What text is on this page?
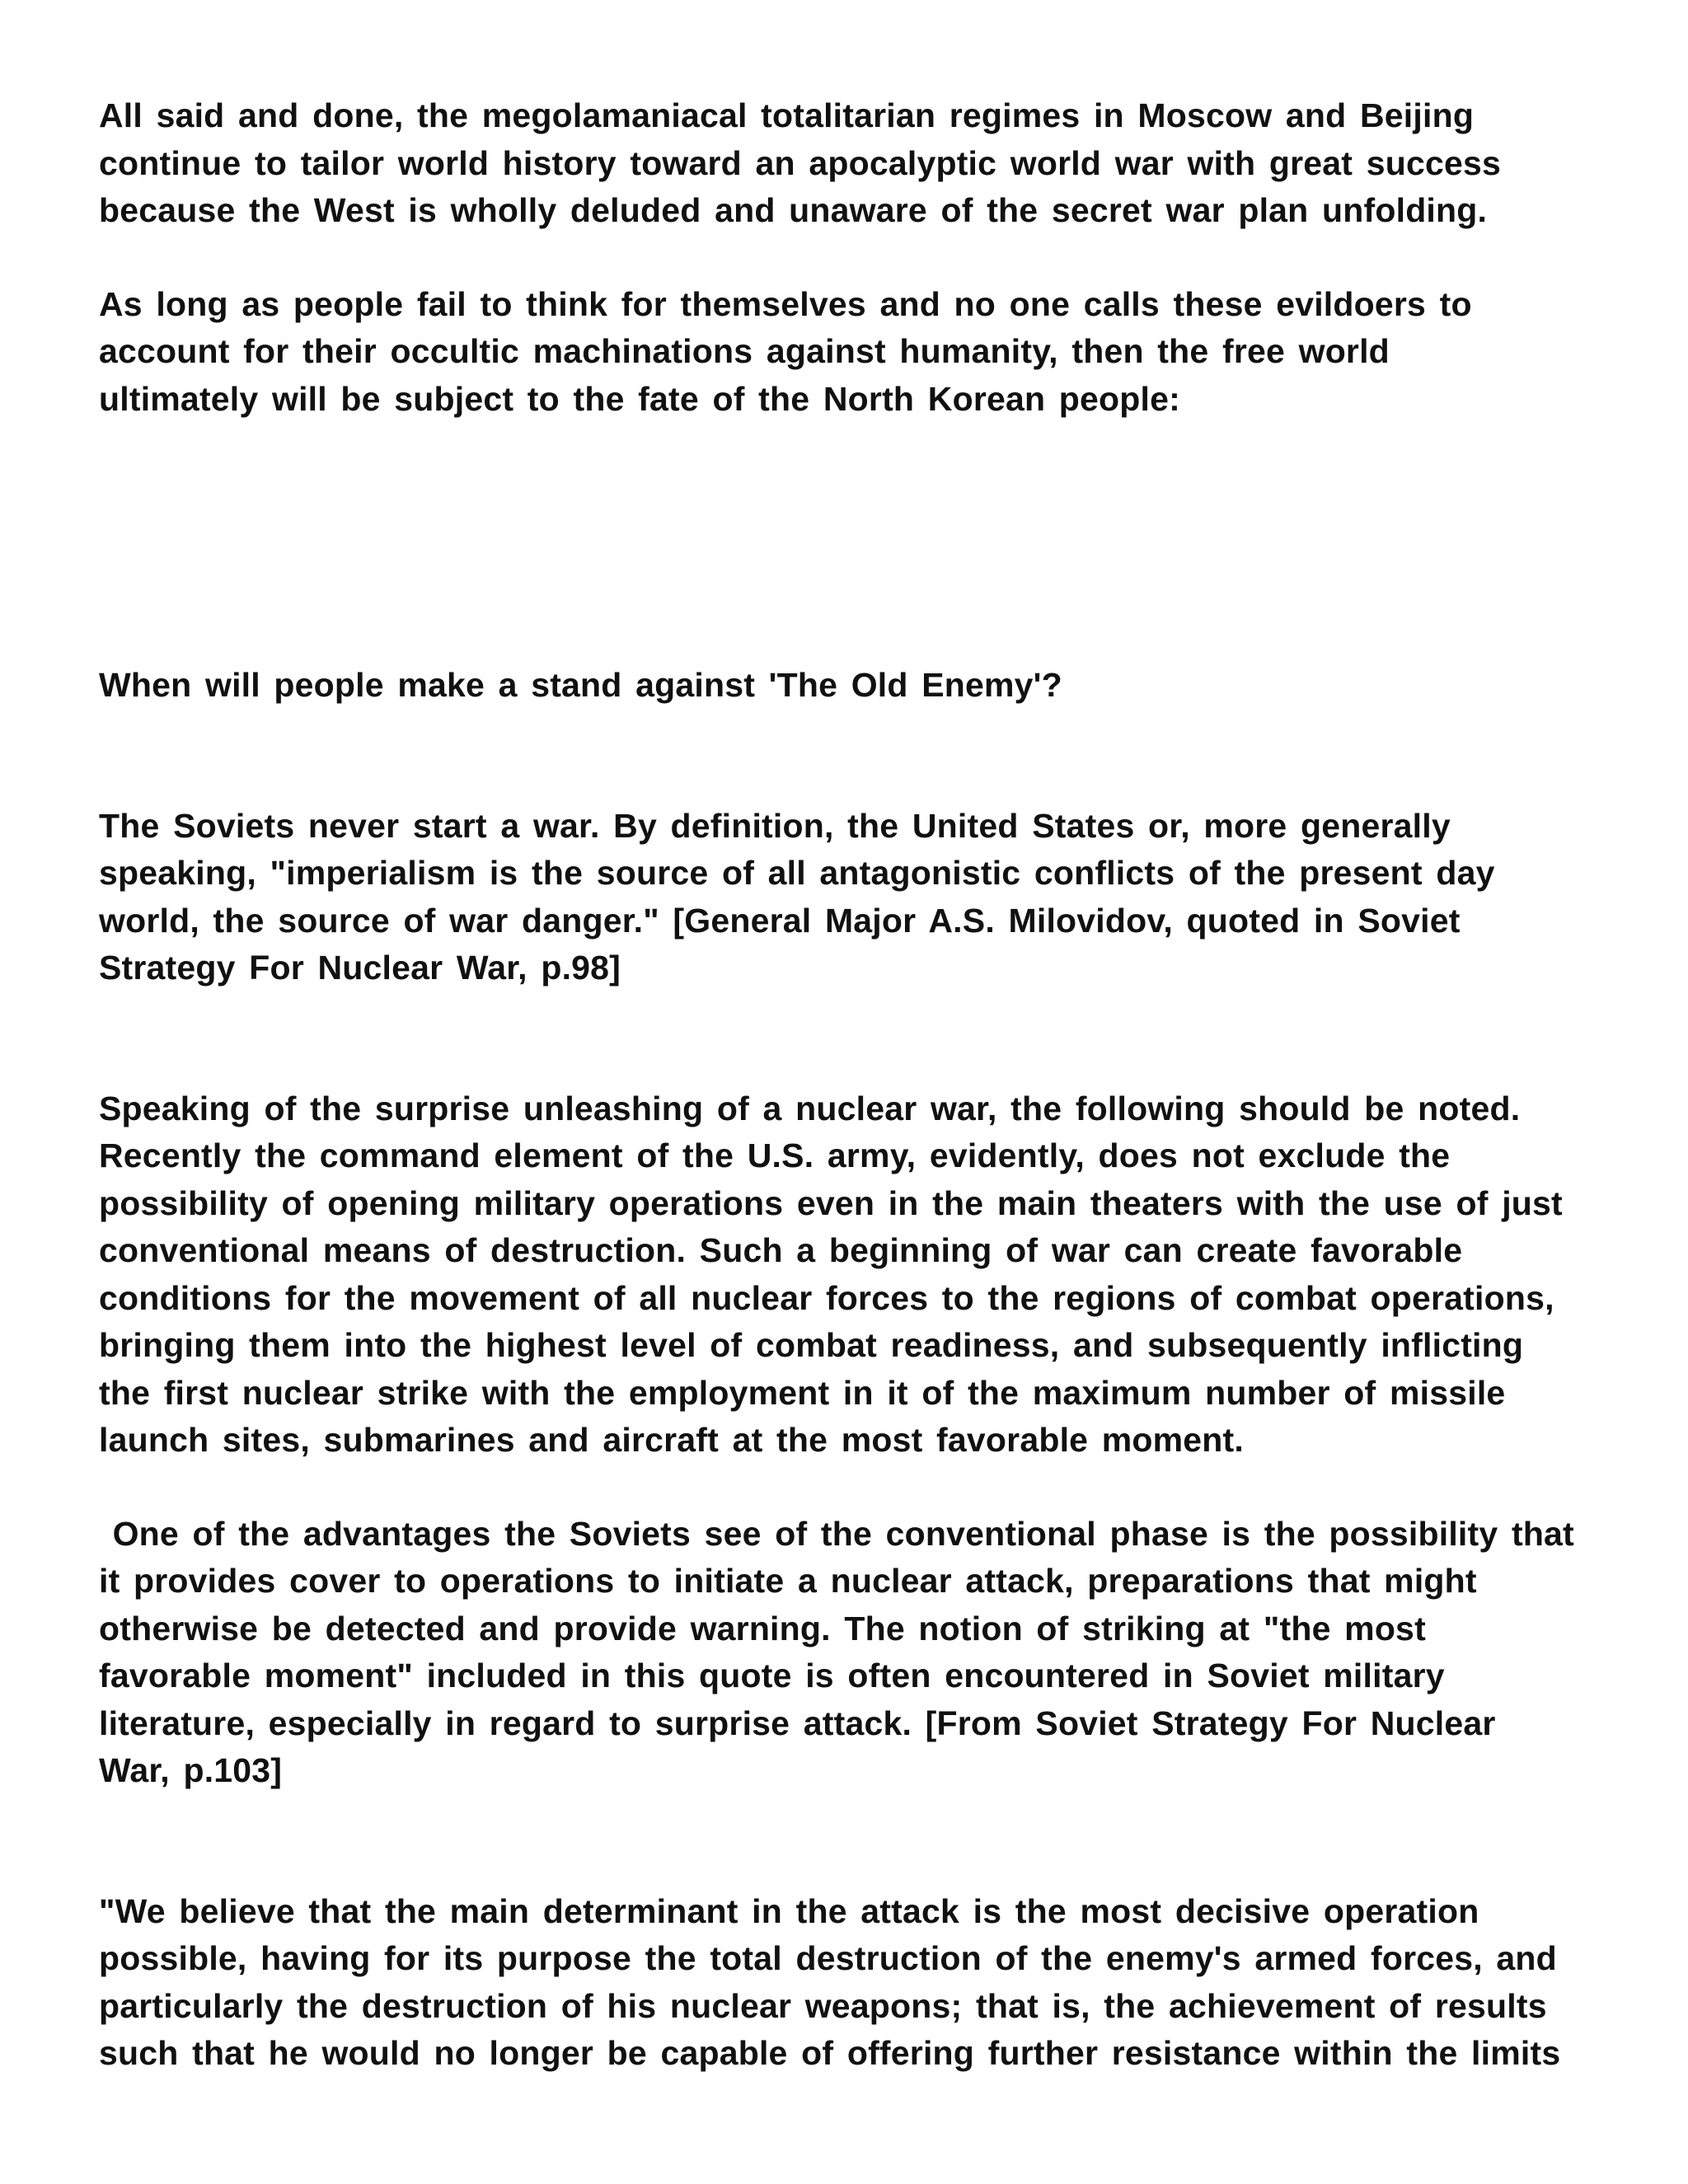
All said and done, the megolamaniacal totalitarian regimes in Moscow and Beijing
continue to tailor world history toward an apocalyptic world war with great success
because the West is wholly deluded and unaware of the secret war plan unfolding.

As long as people fail to think for themselves and no one calls these evildoers to
account for their occultic machinations against humanity, then the free world
ultimately will be subject to the fate of the North Korean people:

When will people make a stand against 'The Old Enemy'?

The Soviets never start a war. By definition, the United States or, more generally
speaking, "imperialism is the source of all antagonistic conflicts of the present day
world, the source of war danger." [General Major A.S. Milovidov, quoted in Soviet
Strategy For Nuclear War, p.98]

Speaking of the surprise unleashing of a nuclear war, the following should be noted.
Recently the command element of the U.S. army, evidently, does not exclude the
possibility of opening military operations even in the main theaters with the use of just
conventional means of destruction. Such a beginning of war can create favorable
conditions for the movement of all nuclear forces to the regions of combat operations,
bringing them into the highest level of combat readiness, and subsequently inflicting
the first nuclear strike with the employment in it of the maximum number of missile
launch sites, submarines and aircraft at the most favorable moment.

One of the advantages the Soviets see of the conventional phase is the possibility that
it provides cover to operations to initiate a nuclear attack, preparations that might
otherwise be detected and provide warning. The notion of striking at "the most
favorable moment" included in this quote is often encountered in Soviet military
literature, especially in regard to surprise attack. [From Soviet Strategy For Nuclear
War, p.103]

"We believe that the main determinant in the attack is the most decisive operation
possible, having for its purpose the total destruction of the enemy's armed forces, and
particularly the destruction of his nuclear weapons; that is, the achievement of results
such that he would no longer be capable of offering further resistance within the limits
